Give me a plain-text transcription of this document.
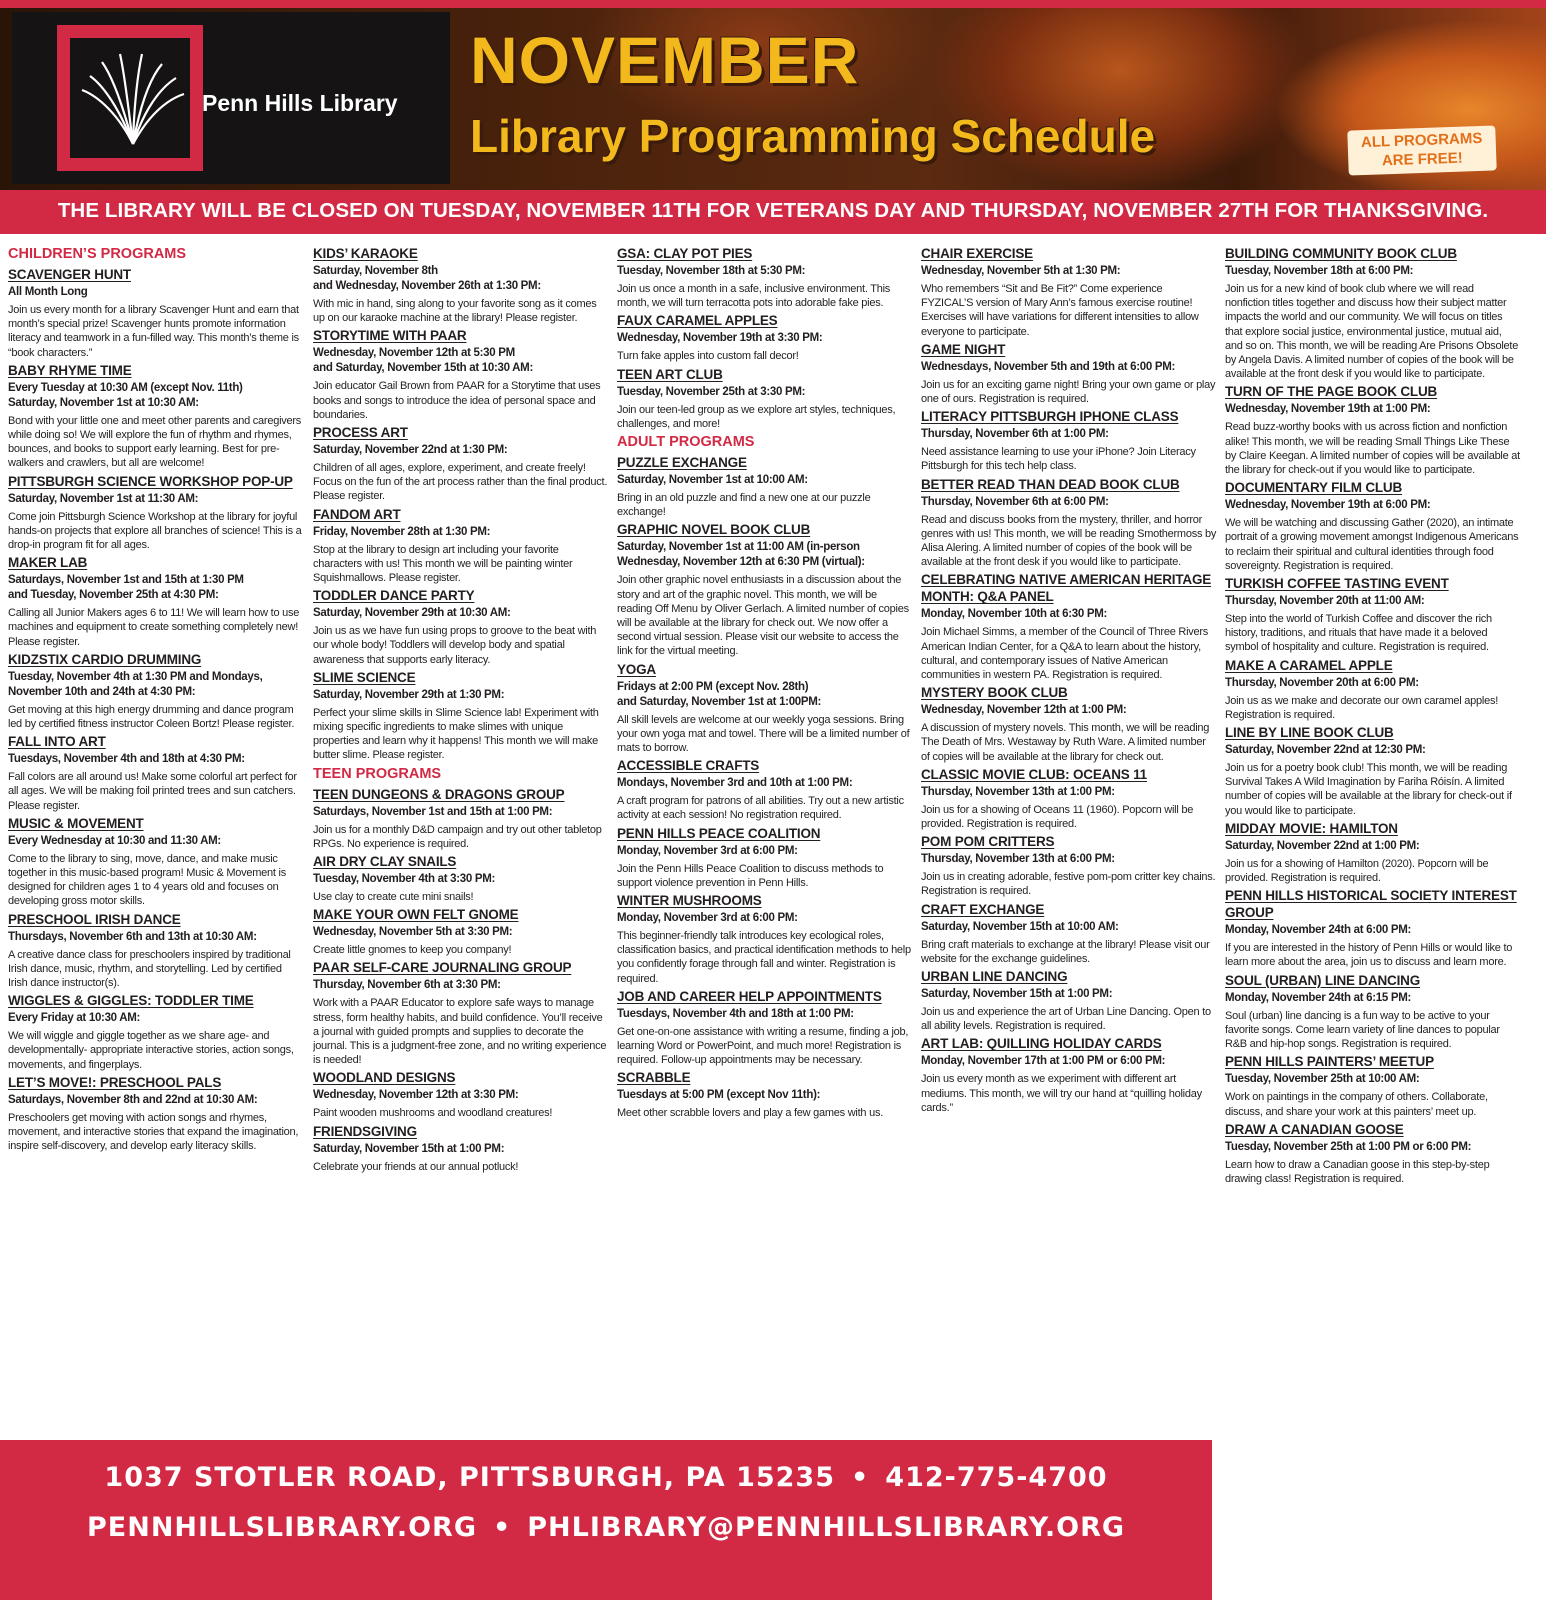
Penn Hills Library
NOVEMBER
Library Programming Schedule	ALL PROGRAMS
ARE FREE!
THE LIBRARY WILL BE CLOSED ON TUESDAY, NOVEMBER 11TH FOR VETERANS DAY AND THURSDAY, NOVEMBER 27TH FOR THANKSGIVING.
CHILDREN’S PROGRAMS
SCAVENGER HUNT
All Month Long
Join us every month for a library Scavenger Hunt and earn that month’s special prize! Scavenger hunts promote information literacy and teamwork in a fun-filled way. This month’s theme is “book characters.”
BABY RHYME TIME
Every Tuesday at 10:30 AM (except Nov. 11th)
Saturday, November 1st at 10:30 AM:
Bond with your little one and meet other parents and caregivers while doing so! We will explore the fun of rhythm and rhymes, bounces, and books to support early learning. Best for pre-walkers and crawlers, but all are welcome!
PITTSBURGH SCIENCE WORKSHOP POP-UP
Saturday, November 1st at 11:30 AM:
Come join Pittsburgh Science Workshop at the library for joyful hands-on projects that explore all branches of science! This is a drop-in program fit for all ages.
MAKER LAB
Saturdays, November 1st and 15th at 1:30 PM
and Tuesday, November 25th at 4:30 PM:
Calling all Junior Makers ages 6 to 11! We will learn how to use machines and equipment to create something completely new! Please register.
KIDZSTIX CARDIO DRUMMING
Tuesday, November 4th at 1:30 PM and Mondays, November 10th and 24th at 4:30 PM:
Get moving at this high energy drumming and dance program led by certified fitness instructor Coleen Bortz! Please register.
FALL INTO ART
Tuesdays, November 4th and 18th at 4:30 PM:
Fall colors are all around us! Make some colorful art perfect for all ages. We will be making foil printed trees and sun catchers. Please register.
MUSIC & MOVEMENT
Every Wednesday at 10:30 and 11:30 AM:
Come to the library to sing, move, dance, and make music together in this music-based program! Music & Movement is designed for children ages 1 to 4 years old and focuses on developing gross motor skills.
PRESCHOOL IRISH DANCE
Thursdays, November 6th and 13th at 10:30 AM:
A creative dance class for preschoolers inspired by traditional Irish dance, music, rhythm, and storytelling. Led by certified Irish dance instructor(s).
WIGGLES & GIGGLES: TODDLER TIME
Every Friday at 10:30 AM:
We will wiggle and giggle together as we share age- and developmentally- appropriate interactive stories, action songs, movements, and fingerplays.
LET’S MOVE!: PRESCHOOL PALS
Saturdays, November 8th and 22nd at 10:30 AM:
Preschoolers get moving with action songs and rhymes, movement, and interactive stories that expand the imagination, inspire self-discovery, and develop early literacy skills.
KIDS’ KARAOKE
Saturday, November 8th
and Wednesday, November 26th at 1:30 PM:
With mic in hand, sing along to your favorite song as it comes up on our karaoke machine at the library! Please register.
STORYTIME WITH PAAR
Wednesday, November 12th at 5:30 PM
and Saturday, November 15th at 10:30 AM:
Join educator Gail Brown from PAAR for a Storytime that uses books and songs to introduce the idea of personal space and boundaries.
PROCESS ART
Saturday, November 22nd at 1:30 PM:
Children of all ages, explore, experiment, and create freely! Focus on the fun of the art process rather than the final product. Please register.
FANDOM ART
Friday, November 28th at 1:30 PM:
Stop at the library to design art including your favorite characters with us! This month we will be painting winter Squishmallows. Please register.
TODDLER DANCE PARTY
Saturday, November 29th at 10:30 AM:
Join us as we have fun using props to groove to the beat with our whole body! Toddlers will develop body and spatial awareness that supports early literacy.
SLIME SCIENCE
Saturday, November 29th at 1:30 PM:
Perfect your slime skills in Slime Science lab! Experiment with mixing specific ingredients to make slimes with unique properties and learn why it happens! This month we will make butter slime. Please register.
TEEN PROGRAMS
TEEN DUNGEONS & DRAGONS GROUP
Saturdays, November 1st and 15th at 1:00 PM:
Join us for a monthly D&D campaign and try out other tabletop RPGs. No experience is required.
AIR DRY CLAY SNAILS
Tuesday, November 4th at 3:30 PM:
Use clay to create cute mini snails!
MAKE YOUR OWN FELT GNOME
Wednesday, November 5th at 3:30 PM:
Create little gnomes to keep you company!
PAAR SELF-CARE JOURNALING GROUP
Thursday, November 6th at 3:30 PM:
Work with a PAAR Educator to explore safe ways to manage stress, form healthy habits, and build confidence. You’ll receive a journal with guided prompts and supplies to decorate the journal. This is a judgment-free zone, and no writing experience is needed!
WOODLAND DESIGNS
Wednesday, November 12th at 3:30 PM:
Paint wooden mushrooms and woodland creatures!
FRIENDSGIVING
Saturday, November 15th at 1:00 PM:
Celebrate your friends at our annual potluck!
GSA: CLAY POT PIES
Tuesday, November 18th at 5:30 PM:
Join us once a month in a safe, inclusive environment. This month, we will turn terracotta pots into adorable fake pies.
FAUX CARAMEL APPLES
Wednesday, November 19th at 3:30 PM:
Turn fake apples into custom fall decor!
TEEN ART CLUB
Tuesday, November 25th at 3:30 PM:
Join our teen-led group as we explore art styles, techniques, challenges, and more!
ADULT PROGRAMS
PUZZLE EXCHANGE
Saturday, November 1st at 10:00 AM:
Bring in an old puzzle and find a new one at our puzzle exchange!
GRAPHIC NOVEL BOOK CLUB
Saturday, November 1st at 11:00 AM (in-person
Wednesday, November 12th at 6:30 PM (virtual):
Join other graphic novel enthusiasts in a discussion about the story and art of the graphic novel. This month, we will be reading Off Menu by Oliver Gerlach. A limited number of copies will be available at the library for check out. We now offer a second virtual session. Please visit our website to access the link for the virtual meeting.
YOGA
Fridays at 2:00 PM (except Nov. 28th)
and Saturday, November 1st at 1:00PM:
All skill levels are welcome at our weekly yoga sessions. Bring your own yoga mat and towel. There will be a limited number of mats to borrow.
ACCESSIBLE CRAFTS
Mondays, November 3rd and 10th at 1:00 PM:
A craft program for patrons of all abilities. Try out a new artistic activity at each session! No registration required.
PENN HILLS PEACE COALITION
Monday, November 3rd at 6:00 PM:
Join the Penn Hills Peace Coalition to discuss methods to support violence prevention in Penn Hills.
WINTER MUSHROOMS
Monday, November 3rd at 6:00 PM:
This beginner-friendly talk introduces key ecological roles, classification basics, and practical identification methods to help you confidently forage through fall and winter. Registration is required.
JOB AND CAREER HELP APPOINTMENTS
Tuesdays, November 4th and 18th at 1:00 PM:
Get one-on-one assistance with writing a resume, finding a job, learning Word or PowerPoint, and much more! Registration is required. Follow-up appointments may be necessary.
SCRABBLE
Tuesdays at 5:00 PM (except Nov 11th):
Meet other scrabble lovers and play a few games with us.
CHAIR EXERCISE
Wednesday, November 5th at 1:30 PM:
Who remembers “Sit and Be Fit?” Come experience FYZICAL’S version of Mary Ann’s famous exercise routine! Exercises will have variations for different intensities to allow everyone to participate.
GAME NIGHT
Wednesdays, November 5th and 19th at 6:00 PM:
Join us for an exciting game night! Bring your own game or play one of ours. Registration is required.
LITERACY PITTSBURGH IPHONE CLASS
Thursday, November 6th at 1:00 PM:
Need assistance learning to use your iPhone? Join Literacy Pittsburgh for this tech help class.
BETTER READ THAN DEAD BOOK CLUB
Thursday, November 6th at 6:00 PM:
Read and discuss books from the mystery, thriller, and horror genres with us! This month, we will be reading Smothermoss by Alisa Alering. A limited number of copies of the book will be available at the front desk if you would like to participate.
CELEBRATING NATIVE AMERICAN HERITAGE MONTH: Q&A PANEL
Monday, November 10th at 6:30 PM:
Join Michael Simms, a member of the Council of Three Rivers American Indian Center, for a Q&A to learn about the history, cultural, and contemporary issues of Native American communities in western PA. Registration is required.
MYSTERY BOOK CLUB
Wednesday, November 12th at 1:00 PM:
A discussion of mystery novels. This month, we will be reading The Death of Mrs. Westaway by Ruth Ware. A limited number of copies will be available at the library for check out.
CLASSIC MOVIE CLUB: OCEANS 11
Thursday, November 13th at 1:00 PM:
Join us for a showing of Oceans 11 (1960). Popcorn will be provided. Registration is required.
POM POM CRITTERS
Thursday, November 13th at 6:00 PM:
Join us in creating adorable, festive pom-pom critter key chains. Registration is required.
CRAFT EXCHANGE
Saturday, November 15th at 10:00 AM:
Bring craft materials to exchange at the library! Please visit our website for the exchange guidelines.
URBAN LINE DANCING
Saturday, November 15th at 1:00 PM:
Join us and experience the art of Urban Line Dancing. Open to all ability levels. Registration is required.
ART LAB: QUILLING HOLIDAY CARDS
Monday, November 17th at 1:00 PM or 6:00 PM:
Join us every month as we experiment with different art mediums. This month, we will try our hand at “quilling holiday cards.”
BUILDING COMMUNITY BOOK CLUB
Tuesday, November 18th at 6:00 PM:
Join us for a new kind of book club where we will read nonfiction titles together and discuss how their subject matter impacts the world and our community. We will focus on titles that explore social justice, environmental justice, mutual aid, and so on. This month, we will be reading Are Prisons Obsolete by Angela Davis. A limited number of copies of the book will be available at the front desk if you would like to participate.
TURN OF THE PAGE BOOK CLUB
Wednesday, November 19th at 1:00 PM:
Read buzz-worthy books with us across fiction and nonfiction alike! This month, we will be reading Small Things Like These by Claire Keegan. A limited number of copies will be available at the library for check-out if you would like to participate.
DOCUMENTARY FILM CLUB
Wednesday, November 19th at 6:00 PM:
We will be watching and discussing Gather (2020), an intimate portrait of a growing movement amongst Indigenous Americans to reclaim their spiritual and cultural identities through food sovereignty. Registration is required.
TURKISH COFFEE TASTING EVENT
Thursday, November 20th at 11:00 AM:
Step into the world of Turkish Coffee and discover the rich history, traditions, and rituals that have made it a beloved symbol of hospitality and culture. Registration is required.
MAKE A CARAMEL APPLE
Thursday, November 20th at 6:00 PM:
Join us as we make and decorate our own caramel apples! Registration is required.
LINE BY LINE BOOK CLUB
Saturday, November 22nd at 12:30 PM:
Join us for a poetry book club! This month, we will be reading Survival Takes A Wild Imagination by Fariha Róisín. A limited number of copies will be available at the library for check-out if you would like to participate.
MIDDAY MOVIE: HAMILTON
Saturday, November 22nd at 1:00 PM:
Join us for a showing of Hamilton (2020). Popcorn will be provided. Registration is required.
PENN HILLS HISTORICAL SOCIETY INTEREST GROUP
Monday, November 24th at 6:00 PM:
If you are interested in the history of Penn Hills or would like to learn more about the area, join us to discuss and learn more.
SOUL (URBAN) LINE DANCING
Monday, November 24th at 6:15 PM:
Soul (urban) line dancing is a fun way to be active to your favorite songs. Come learn variety of line dances to popular R&B and hip-hop songs. Registration is required.
PENN HILLS PAINTERS’ MEETUP
Tuesday, November 25th at 10:00 AM:
Work on paintings in the company of others. Collaborate, discuss, and share your work at this painters’ meet up.
DRAW A CANADIAN GOOSE
Tuesday, November 25th at 1:00 PM or 6:00 PM:
Learn how to draw a Canadian goose in this step-by-step drawing class! Registration is required.
1037 STOTLER ROAD, PITTSBURGH, PA 15235 • 412-775-4700
PENNHILLSLIBRARY.ORG • PHLIBRARY@PENNHILLSLIBRARY.ORG
